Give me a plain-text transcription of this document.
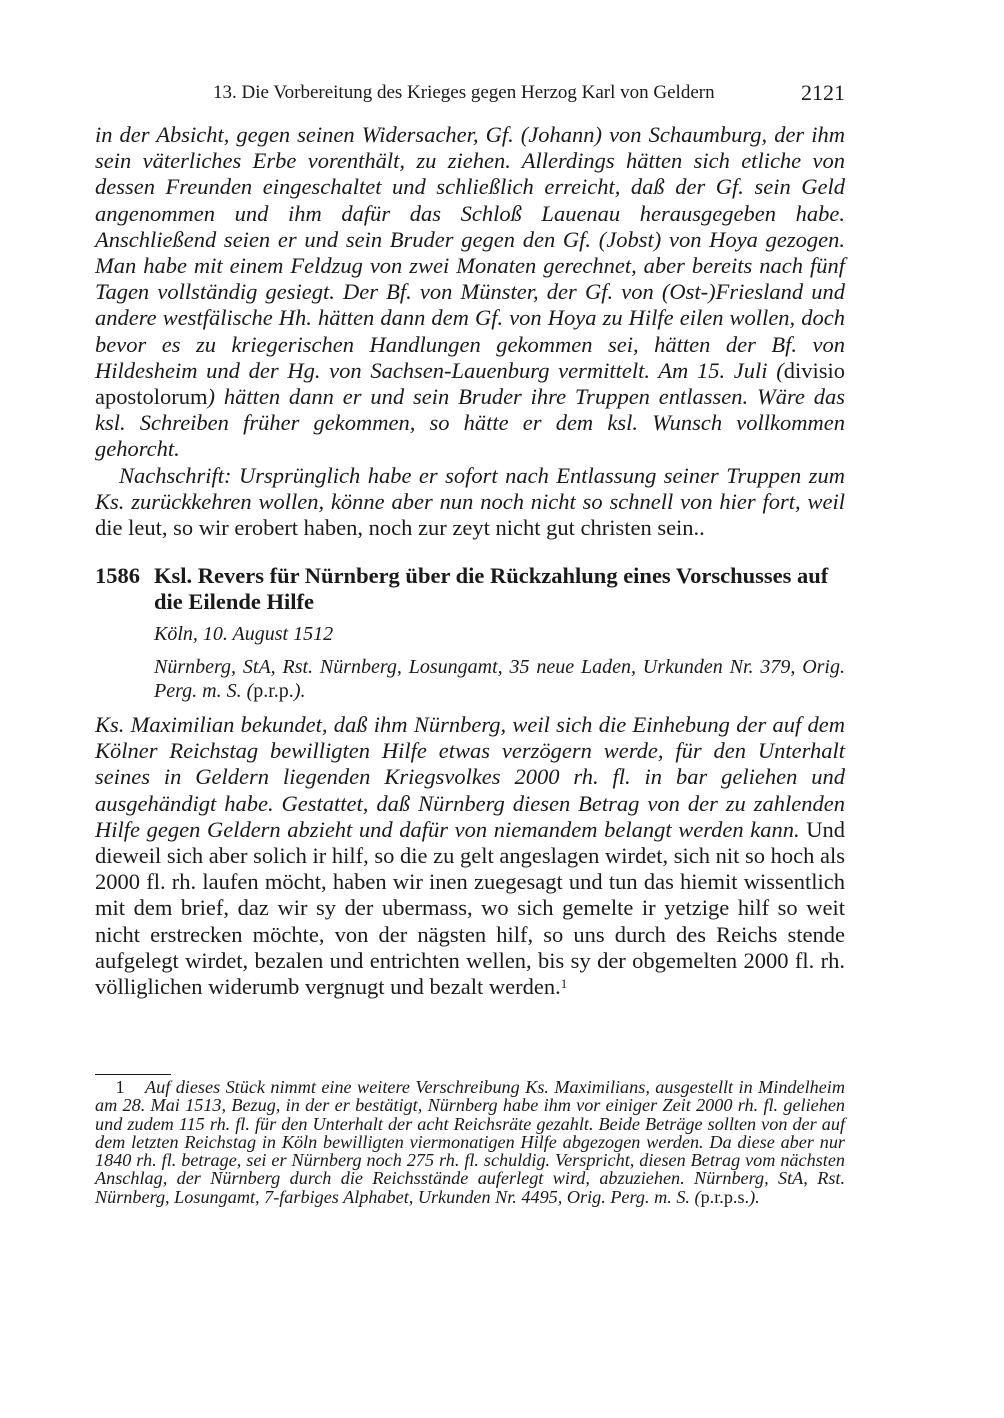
13. Die Vorbereitung des Krieges gegen Herzog Karl von Geldern	2121

in der Absicht, gegen seinen Widersacher, Gf. (Johann) von Schaumburg, der ihm sein väterliches Erbe vorenthält, zu ziehen. Allerdings hätten sich etliche von dessen Freunden eingeschaltet und schließlich erreicht, daß der Gf. sein Geld angenommen und ihm dafür das Schloß Lauenau herausgegeben habe. Anschließend seien er und sein Bruder gegen den Gf. (Jobst) von Hoya gezogen. Man habe mit einem Feldzug von zwei Monaten gerechnet, aber bereits nach fünf Tagen vollständig gesiegt. Der Bf. von Münster, der Gf. von (Ost-)Friesland und andere westfälische Hh. hätten dann dem Gf. von Hoya zu Hilfe eilen wollen, doch bevor es zu kriegerischen Handlungen gekommen sei, hätten der Bf. von Hildesheim und der Hg. von Sachsen-Lauenburg vermittelt. Am 15. Juli (divisio apostolorum) hätten dann er und sein Bruder ihre Truppen entlassen. Wäre das ksl. Schreiben früher gekommen, so hätte er dem ksl. Wunsch vollkommen gehorcht.

Nachschrift: Ursprünglich habe er sofort nach Entlassung seiner Truppen zum Ks. zurückkehren wollen, könne aber nun noch nicht so schnell von hier fort, weil die leut, so wir erobert haben, noch zur zeyt nicht gut christen sein..

1586 Ksl. Revers für Nürnberg über die Rückzahlung eines Vorschusses auf die Eilende Hilfe
Köln, 10. August 1512
Nürnberg, StA, Rst. Nürnberg, Losungamt, 35 neue Laden, Urkunden Nr. 379, Orig. Perg. m. S. (p.r.p.).

Ks. Maximilian bekundet, daß ihm Nürnberg, weil sich die Einhebung der auf dem Kölner Reichstag bewilligten Hilfe etwas verzögern werde, für den Unterhalt seines in Geldern liegenden Kriegsvolkes 2000 rh. fl. in bar geliehen und ausgehändigt habe. Gestattet, daß Nürnberg diesen Betrag von der zu zahlenden Hilfe gegen Geldern abzieht und dafür von niemandem belangt werden kann. Und dieweil sich aber solich ir hilf, so die zu gelt angeslagen wirdet, sich nit so hoch als 2000 fl. rh. laufen möcht, haben wir inen zuegesagt und tun das hiemit wissentlich mit dem brief, daz wir sy der ubermass, wo sich gemelte ir yetzige hilf so weit nicht erstrecken möchte, von der nägsten hilf, so uns durch des Reichs stende aufgelegt wirdet, bezalen und entrichten wellen, bis sy der obgemelten 2000 fl. rh. völliglichen widerumb vergnugt und bezalt werden.$^1$

1 Auf dieses Stück nimmt eine weitere Verschreibung Ks. Maximilians, ausgestellt in Mindelheim am 28. Mai 1513, Bezug, in der er bestätigt, Nürnberg habe ihm vor einiger Zeit 2000 rh. fl. geliehen und zudem 115 rh. fl. für den Unterhalt der acht Reichsräte gezahlt. Beide Beträge sollten von der auf dem letzten Reichstag in Köln bewilligten viermonatigen Hilfe abgezogen werden. Da diese aber nur 1840 rh. fl. betrage, sei er Nürnberg noch 275 rh. fl. schuldig. Verspricht, diesen Betrag vom nächsten Anschlag, der Nürnberg durch die Reichsstände auferlegt wird, abzuziehen. Nürnberg, StA, Rst. Nürnberg, Losungamt, 7-farbiges Alphabet, Urkunden Nr. 4495, Orig. Perg. m. S. (p.r.p.s.).
